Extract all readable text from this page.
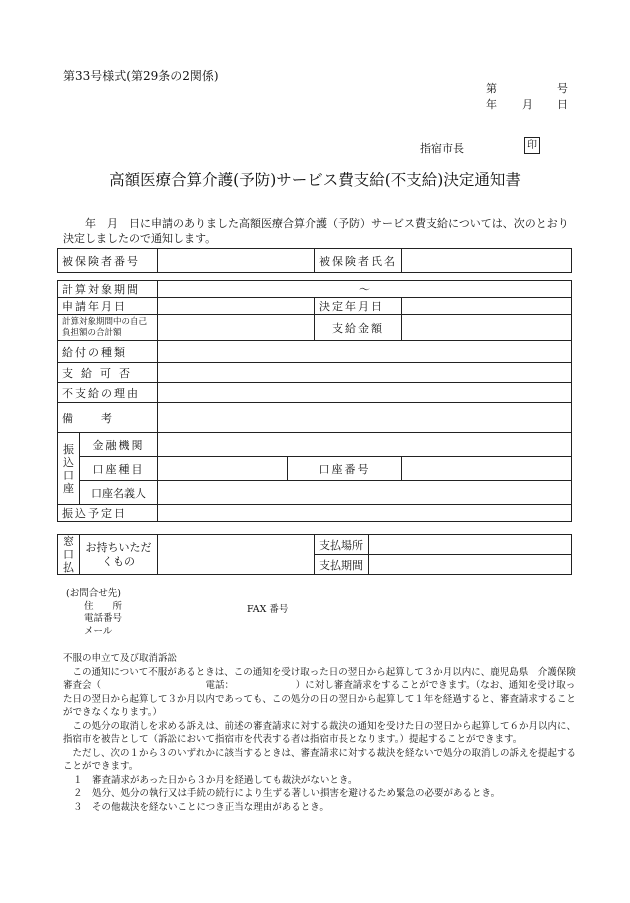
第33号様式(第29条の2関係)
第	号
年 月 日
指宿市長	印
高額医療合算介護(予防)サービス費支給(不支給)決定通知書
　　年　月　日に申請のありました高額医療合算介護（予防）サービス費支給については、次のとおり決定しましたので通知します。
被保険者番号		被保険者氏名	
計算対象期間		～			
申請年月日				決定年月日	
計算対象期間中の自己負担額の合計額				支給金額	
給付の種類					
支給可否					
不支給の理由					
備　　考					
振込口座	金融機関				
	口座種目		口座番号		
	口座名義人				
振込予定日					
窓口払	お持ちいただくもの		支払場所	
			支払期間	
(お問合せ先)
住　　所
電話番号
メール
FAX 番号

不服の申立て及び取消訴訟

　この通知について不服があるときは、この通知を受け取った日の翌日から起算して３か月以内に、鹿児島県　介護保険審査会（　　　　　　　　　　　電話：　　　　　　　）に対し審査請求をすることができます。（なお、通知を受け取った日の翌日から起算して３か月以内であっても、この処分の日の翌日から起算して１年を経過すると、審査請求することができなくなります。）

　この処分の取消しを求める訴えは、前述の審査請求に対する裁決の通知を受けた日の翌日から起算して６か月以内に、指宿市を被告として（訴訟において指宿市を代表する者は指宿市長となります。）提起することができます。

　ただし、次の１から３のいずれかに該当するときは、審査請求に対する裁決を経ないで処分の取消しの訴えを提起することができます。

１　審査請求があった日から３か月を経過しても裁決がないとき。

２　処分、処分の執行又は手続の続行により生ずる著しい損害を避けるため緊急の必要があるとき。

３　その他裁決を経ないことにつき正当な理由があるとき。
